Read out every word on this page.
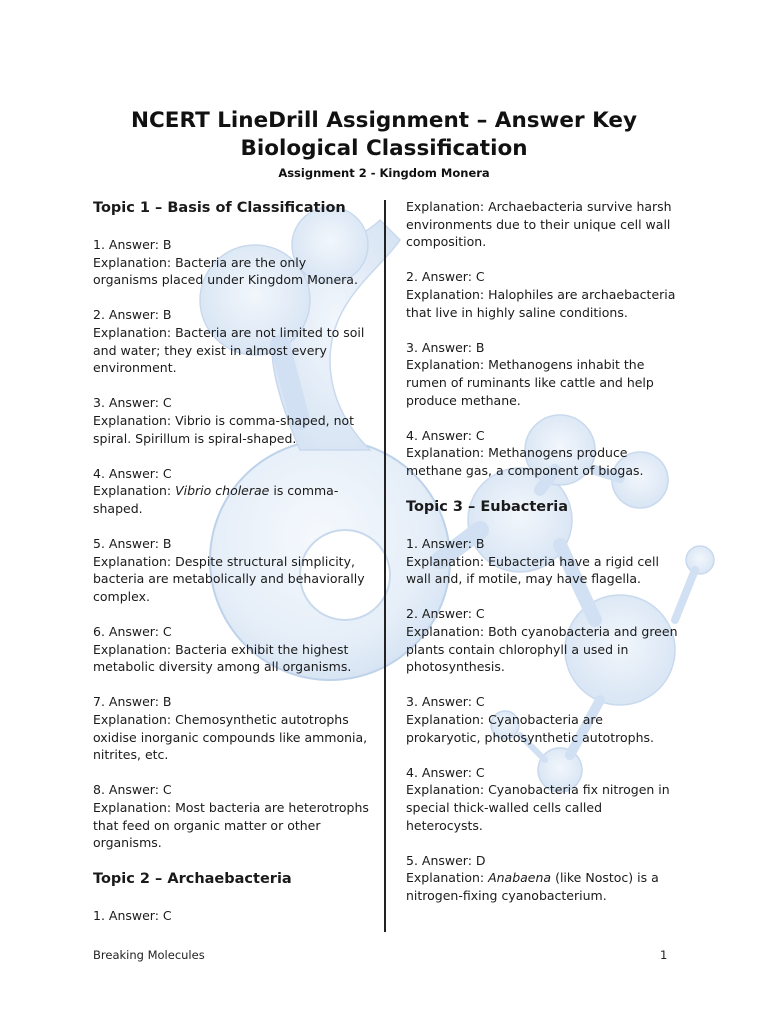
NCERT LineDrill Assignment – Answer Key
Biological Classification
Assignment 2 - Kingdom Monera
Topic 1 – Basis of Classification

1. Answer: B

Explanation: Bacteria are the only organisms placed under Kingdom Monera.

2. Answer: B

Explanation: Bacteria are not limited to soil and water; they exist in almost every environment.

3. Answer: C

Explanation: Vibrio is comma-shaped, not spiral. Spirillum is spiral-shaped.

4. Answer: C

Explanation: Vibrio cholerae is comma-shaped.

5. Answer: B

Explanation: Despite structural simplicity, bacteria are metabolically and behaviorally complex.

6. Answer: C

Explanation: Bacteria exhibit the highest metabolic diversity among all organisms.

7. Answer: B

Explanation: Chemosynthetic autotrophs oxidise inorganic compounds like ammonia, nitrites, etc.

8. Answer: C

Explanation: Most bacteria are heterotrophs that feed on organic matter or other organisms.

Topic 2 – Archaebacteria

1. Answer: C

Explanation: Archaebacteria survive harsh environments due to their unique cell wall composition.

2. Answer: C

Explanation: Halophiles are archaebacteria that live in highly saline conditions.

3. Answer: B

Explanation: Methanogens inhabit the rumen of ruminants like cattle and help produce methane.

4. Answer: C

Explanation: Methanogens produce methane gas, a component of biogas.

Topic 3 – Eubacteria

1. Answer: B

Explanation: Eubacteria have a rigid cell wall and, if motile, may have flagella.

2. Answer: C

Explanation: Both cyanobacteria and green plants contain chlorophyll a used in photosynthesis.

3. Answer: C

Explanation: Cyanobacteria are prokaryotic, photosynthetic autotrophs.

4. Answer: C

Explanation: Cyanobacteria fix nitrogen in special thick-walled cells called heterocysts.

5. Answer: D

Explanation: Anabaena (like Nostoc) is a nitrogen-fixing cyanobacterium.

Breaking Molecules	1
